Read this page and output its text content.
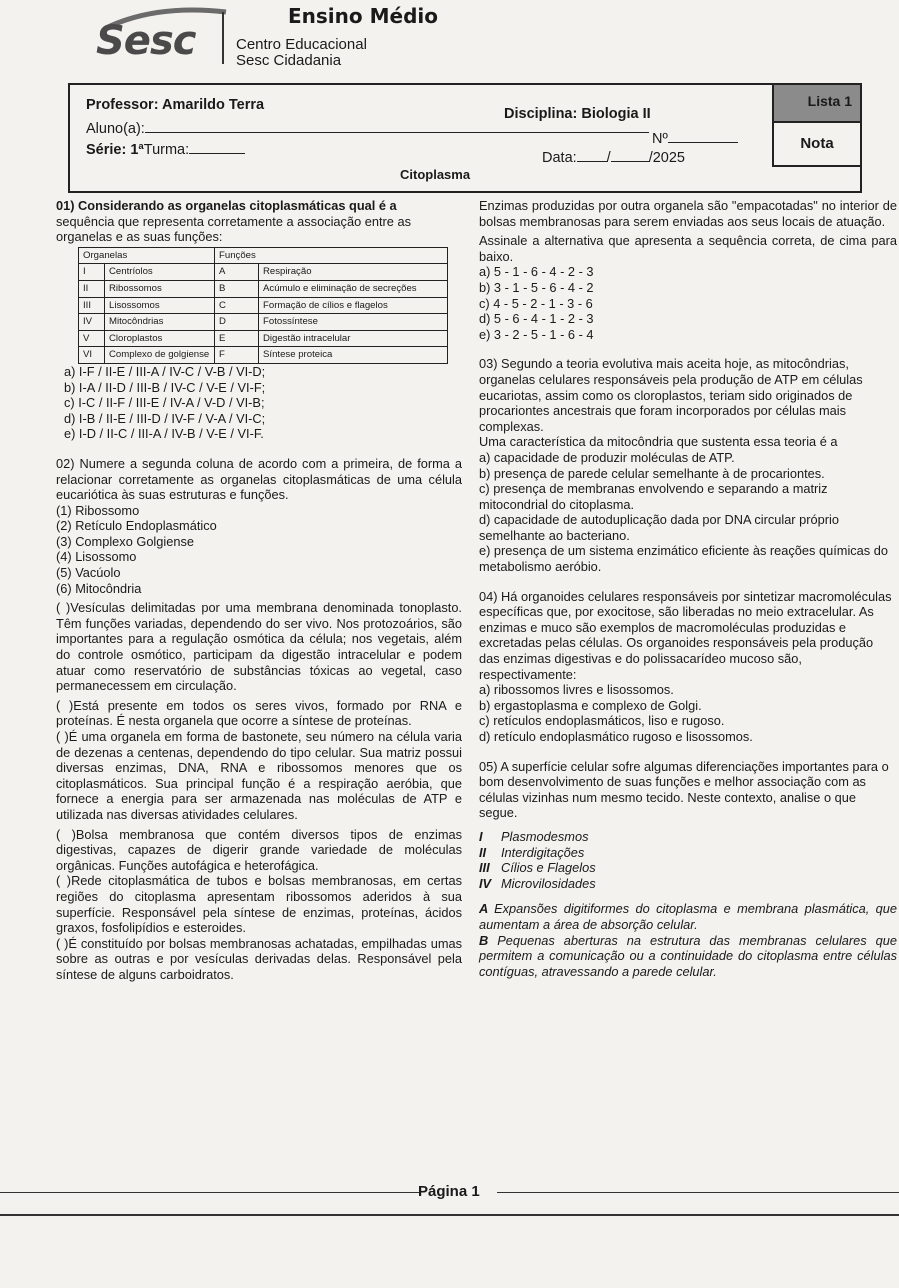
Sesc
Ensino Médio
Centro Educacional
Sesc Cidadania
Lista 1
Nota
Professor: Amarildo Terra
Disciplina: Biologia II
Aluno(a):
Nº
Série: 1ªTurma:	Data: /	/2025
Citoplasma

01) Considerando as organelas citoplasmáticas qual é a

sequência que representa corretamente a associação entre as

organelas e as suas funções:

Organelas		Funções	
I	Centríolos	A	Respiração
II	Ribossomos	B	Acúmulo e eliminação de secreções
III	Lisossomos	C	Formação de cílios e flagelos
IV	Mitocôndrias	D	Fotossíntese
V	Cloroplastos	E	Digestão intracelular
VI	Complexo de golgiense	F	Síntese proteica

a) I-F / II-E / III-A / IV-C / V-B / VI-D;

b) I-A / II-D / III-B / IV-C / V-E / VI-F;

c) I-C / II-F / III-E / IV-A / V-D / VI-B;

d) I-B / II-E / III-D / IV-F / V-A / VI-C;

e) I-D / II-C / III-A / IV-B / V-E / VI-F.

02) Numere a segunda coluna de acordo com a primeira, de forma a relacionar corretamente as organelas citoplasmáticas de uma célula eucariótica às suas estruturas e funções.

(1) Ribossomo

(2) Retículo Endoplasmático

(3) Complexo Golgiense

(4) Lisossomo

(5) Vacúolo

(6) Mitocôndria

( )Vesículas delimitadas por uma membrana denominada tonoplasto. Têm funções variadas, dependendo do ser vivo. Nos protozoários, são importantes para a regulação osmótica da célula; nos vegetais, além do controle osmótico, participam da digestão intracelular e podem atuar como reservatório de substâncias tóxicas ao vegetal, caso permanecessem em circulação.

( )Está presente em todos os seres vivos, formado por RNA e proteínas. É nesta organela que ocorre a síntese de proteínas.

( )É uma organela em forma de bastonete, seu número na célula varia de dezenas a centenas, dependendo do tipo celular. Sua matriz possui diversas enzimas, DNA, RNA e ribossomos menores que os citoplasmáticos. Sua principal função é a respiração aeróbia, que fornece a energia para ser armazenada nas moléculas de ATP e utilizada nas diversas atividades celulares.

( )Bolsa membranosa que contém diversos tipos de enzimas digestivas, capazes de digerir grande variedade de moléculas orgânicas. Funções autofágica e heterofágica.

( )Rede citoplasmática de tubos e bolsas membranosas, em certas regiões do citoplasma apresentam ribossomos aderidos à sua superfície. Responsável pela síntese de enzimas, proteínas, ácidos graxos, fosfolipídios e esteroides.

( )É constituído por bolsas membranosas achatadas, empilhadas umas sobre as outras e por vesículas derivadas delas. Responsável pela síntese de alguns carboidratos.

Enzimas produzidas por outra organela são "empacotadas" no interior de bolsas membranosas para serem enviadas aos seus locais de atuação.

Assinale a alternativa que apresenta a sequência correta, de cima para baixo.

a) 5 - 1 - 6 - 4 - 2 - 3

b) 3 - 1 - 5 - 6 - 4 - 2

c) 4 - 5 - 2 - 1 - 3 - 6

d) 5 - 6 - 4 - 1 - 2 - 3

e) 3 - 2 - 5 - 1 - 6 - 4

03) Segundo a teoria evolutiva mais aceita hoje, as mitocôndrias, organelas celulares responsáveis pela produção de ATP em células eucariotas, assim como os cloroplastos, teriam sido originados de procariontes ancestrais que foram incorporados por células mais complexas.

Uma característica da mitocôndria que sustenta essa teoria é a

a) capacidade de produzir moléculas de ATP.

b) presença de parede celular semelhante à de procariontes.

c) presença de membranas envolvendo e separando a matriz mitocondrial do citoplasma.

d) capacidade de autoduplicação dada por DNA circular próprio semelhante ao bacteriano.

e) presença de um sistema enzimático eficiente às reações químicas do metabolismo aeróbio.

04) Há organoides celulares responsáveis por sintetizar macromoléculas específicas que, por exocitose, são liberadas no meio extracelular. As enzimas e muco são exemplos de macromoléculas produzidas e excretadas pelas células. Os organoides responsáveis pela produção das enzimas digestivas e do polissacarídeo mucoso são, respectivamente:

a) ribossomos livres e lisossomos.

b) ergastoplasma e complexo de Golgi.

c) retículos endoplasmáticos, liso e rugoso.

d) retículo endoplasmático rugoso e lisossomos.

05) A superfície celular sofre algumas diferenciações importantes para o bom desenvolvimento de suas funções e melhor associação com as células vizinhas num mesmo tecido. Neste contexto, analise o que segue.

I Plasmodesmos

II Interdigitações

III Cílios e Flagelos

IV Microvilosidades

A Expansões digitiformes do citoplasma e membrana plasmática, que aumentam a área de absorção celular.

B Pequenas aberturas na estrutura das membranas celulares que permitem a comunicação ou a continuidade do citoplasma entre células contíguas, atravessando a parede celular.

Página 1
